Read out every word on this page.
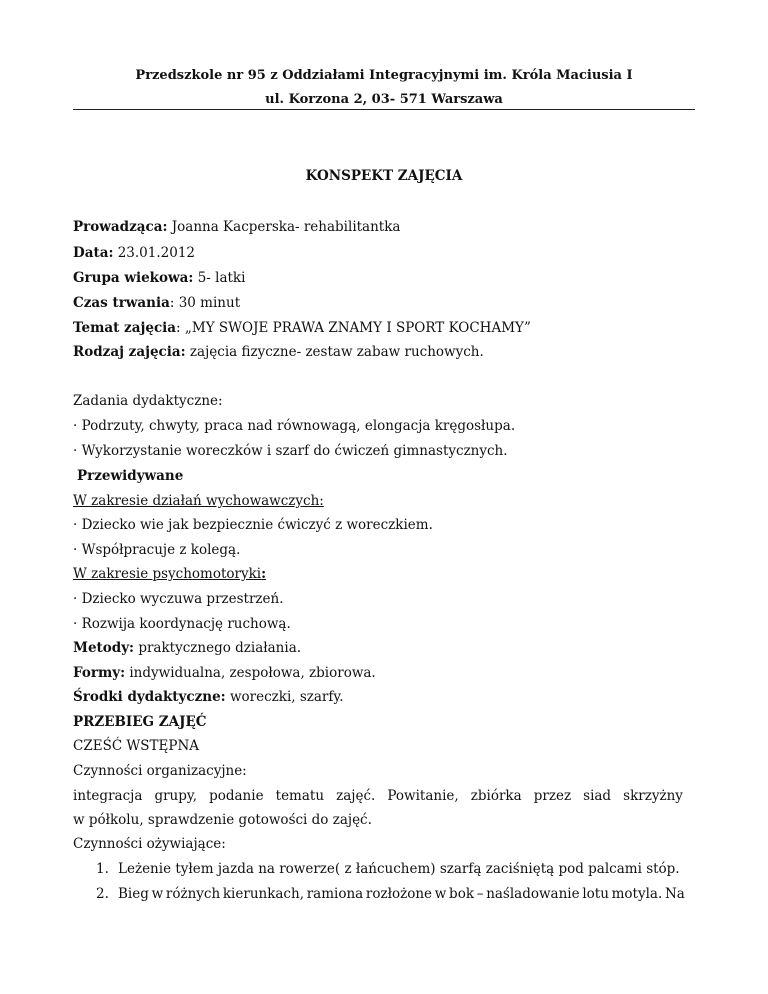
Przedszkole nr 95 z Oddziałami Integracyjnymi im. Króla Maciusia I
ul. Korzona 2, 03- 571 Warszawa
KONSPEKT ZAJĘCIA
Prowadząca: Joanna Kacperska- rehabilitantka
Data: 23.01.2012
Grupa wiekowa: 5- latki
Czas trwania: 30 minut
Temat zajęcia: „MY SWOJE PRAWA ZNAMY I SPORT KOCHAMY”
Rodzaj zajęcia: zajęcia fizyczne- zestaw zabaw ruchowych.
Zadania dydaktyczne:
· Podrzuty, chwyty, praca nad równowagą, elongacja kręgosłupa.
· Wykorzystanie woreczków i szarf do ćwiczeń gimnastycznych.
Przewidywane
W zakresie działań wychowawczych:
· Dziecko wie jak bezpiecznie ćwiczyć z woreczkiem.
· Współpracuje z kolegą.
W zakresie psychomotoryki:
· Dziecko wyczuwa przestrzeń.
· Rozwija koordynację ruchową.
Metody: praktycznego działania.
Formy: indywidualna, zespołowa, zbiorowa.
Środki dydaktyczne: woreczki, szarfy.
PRZEBIEG ZAJĘĆ
CZEŚĆ WSTĘPNA
Czynności organizacyjne:
integracja grupy, podanie tematu zajęć. Powitanie, zbiórka przez siad skrzyżny
w półkolu, sprawdzenie gotowości do zajęć.
Czynności ożywiające:
1. Leżenie tyłem jazda na rowerze( z łańcuchem) szarfą zaciśniętą pod palcami stóp.
2. Bieg w różnych kierunkach, ramiona rozłożone w bok – naśladowanie lotu motyla. Na
